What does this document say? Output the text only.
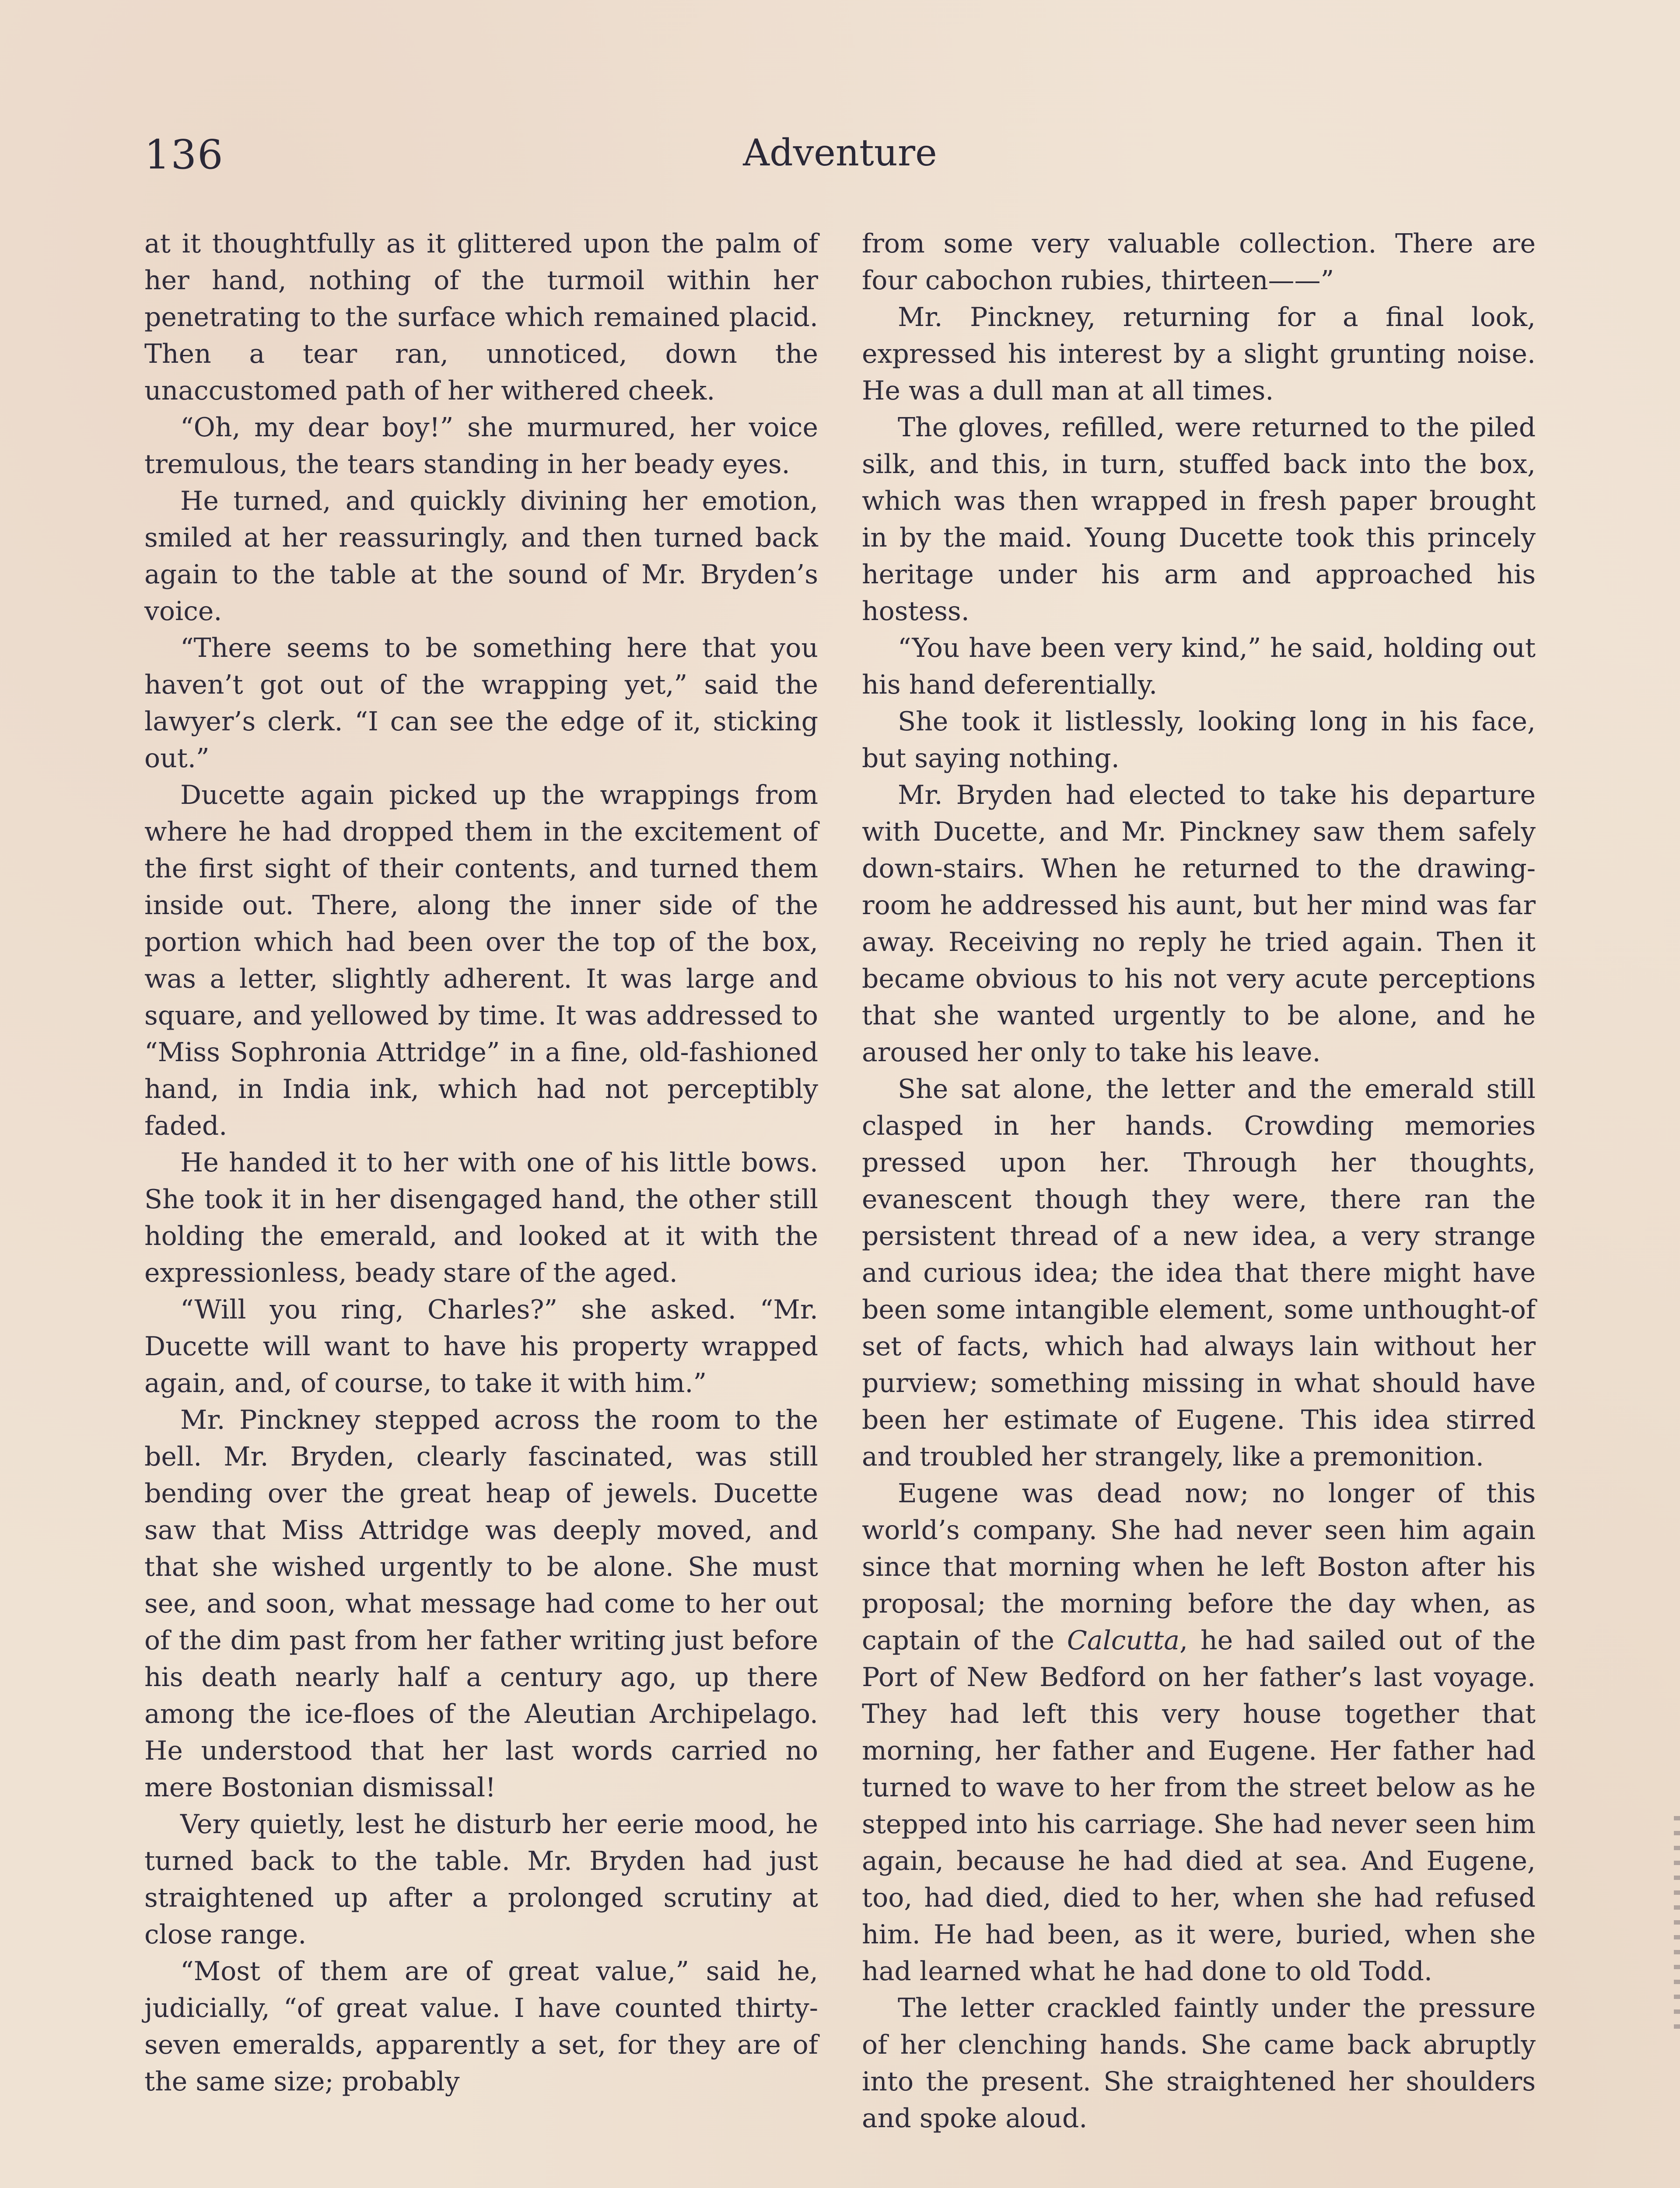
136	Adventure

at it thoughtfully as it glittered upon the palm of her hand, nothing of the turmoil within her penetrating to the surface which remained placid. Then a tear ran, unnoticed, down the unaccustomed path of her withered cheek.

“Oh, my dear boy!” she murmured, her voice tremulous, the tears standing in her beady eyes.

He turned, and quickly divining her emotion, smiled at her reassuringly, and then turned back again to the table at the sound of Mr. Bryden’s voice.

“There seems to be something here that you haven’t got out of the wrapping yet,” said the lawyer’s clerk. “I can see the edge of it, sticking out.”

Ducette again picked up the wrappings from where he had dropped them in the excitement of the first sight of their contents, and turned them inside out. There, along the inner side of the portion which had been over the top of the box, was a letter, slightly adherent. It was large and square, and yellowed by time. It was addressed to “Miss Sophronia Attridge” in a fine, old-fashioned hand, in India ink, which had not perceptibly faded.

He handed it to her with one of his little bows. She took it in her disengaged hand, the other still holding the emerald, and looked at it with the expressionless, beady stare of the aged.

“Will you ring, Charles?” she asked. “Mr. Ducette will want to have his property wrapped again, and, of course, to take it with him.”

Mr. Pinckney stepped across the room to the bell. Mr. Bryden, clearly fascinated, was still bending over the great heap of jewels. Ducette saw that Miss Attridge was deeply moved, and that she wished urgently to be alone. She must see, and soon, what message had come to her out of the dim past from her father writing just before his death nearly half a century ago, up there among the ice-floes of the Aleutian Archipelago. He understood that her last words carried no mere Bostonian dismissal!

Very quietly, lest he disturb her eerie mood, he turned back to the table. Mr. Bryden had just straightened up after a prolonged scrutiny at close range.

“Most of them are of great value,” said he, judicially, “of great value. I have counted thirty-seven emeralds, apparently a set, for they are of the same size; probably

from some very valuable collection. There are four cabochon rubies, thirteen——”

Mr. Pinckney, returning for a final look, expressed his interest by a slight grunting noise. He was a dull man at all times.

The gloves, refilled, were returned to the piled silk, and this, in turn, stuffed back into the box, which was then wrapped in fresh paper brought in by the maid. Young Ducette took this princely heritage under his arm and approached his hostess.

“You have been very kind,” he said, holding out his hand deferentially.

She took it listlessly, looking long in his face, but saying nothing.

Mr. Bryden had elected to take his departure with Ducette, and Mr. Pinckney saw them safely down-stairs. When he returned to the drawing-room he addressed his aunt, but her mind was far away. Receiving no reply he tried again. Then it became obvious to his not very acute perceptions that she wanted urgently to be alone, and he aroused her only to take his leave.

She sat alone, the letter and the emerald still clasped in her hands. Crowding memories pressed upon her. Through her thoughts, evanescent though they were, there ran the persistent thread of a new idea, a very strange and curious idea; the idea that there might have been some intangible element, some unthought-of set of facts, which had always lain without her purview; something missing in what should have been her estimate of Eugene. This idea stirred and troubled her strangely, like a premonition.

Eugene was dead now; no longer of this world’s company. She had never seen him again since that morning when he left Boston after his proposal; the morning before the day when, as captain of the Calcutta, he had sailed out of the Port of New Bedford on her father’s last voyage. They had left this very house together that morning, her father and Eugene. Her father had turned to wave to her from the street below as he stepped into his carriage. She had never seen him again, because he had died at sea. And Eugene, too, had died, died to her, when she had refused him. He had been, as it were, buried, when she had learned what he had done to old Todd.

The letter crackled faintly under the pressure of her clenching hands. She came back abruptly into the present. She straightened her shoulders and spoke aloud.
